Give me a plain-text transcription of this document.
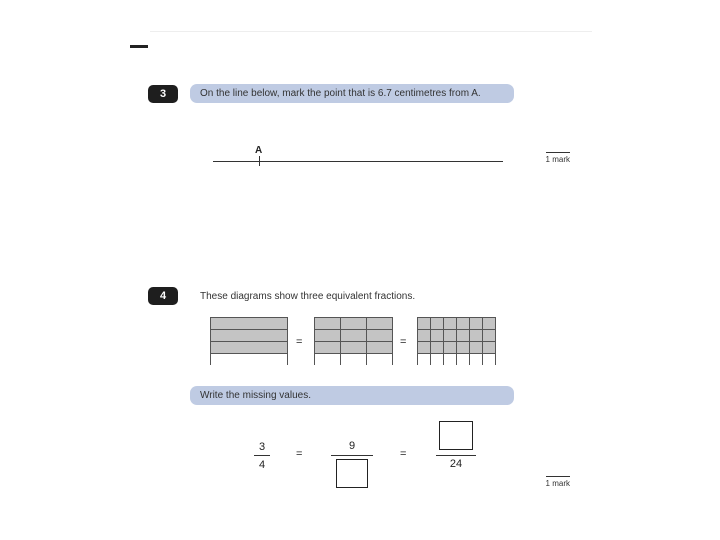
3	On the line below, mark the point that is 6.7 centimetres from A.
A
1 mark
4	These diagrams show three equivalent fractions.

=

			=

Write the missing values.
3
4
=
9
=
24
1 mark
